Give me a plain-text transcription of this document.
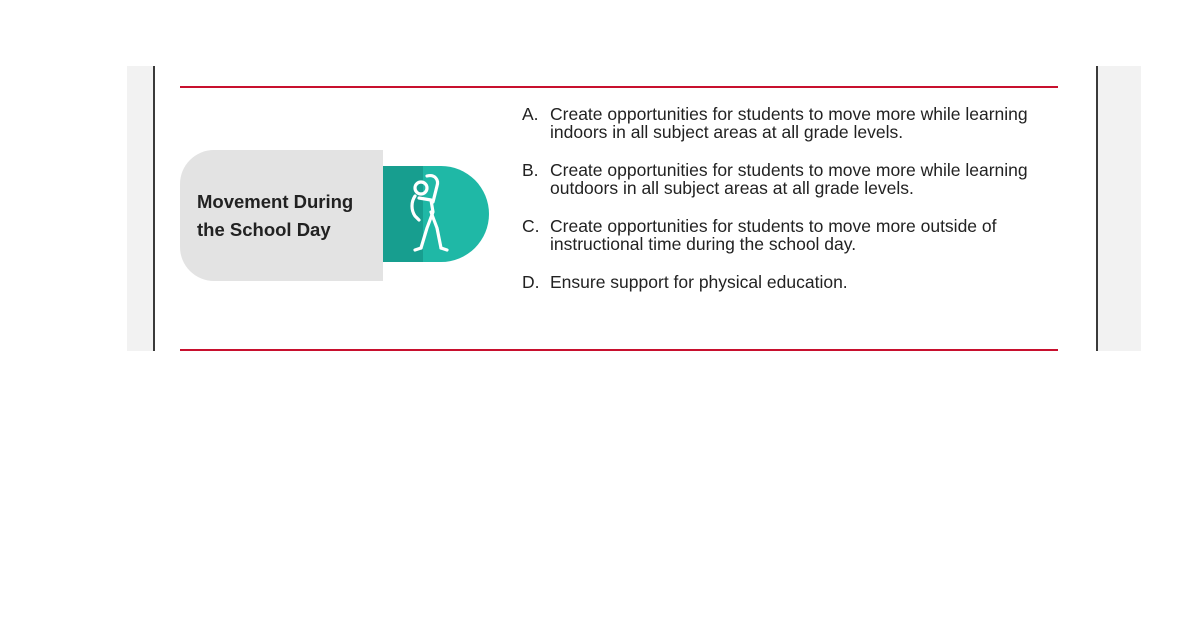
Movement During the School Day
A. Create opportunities for students to move more while learning indoors in all subject areas at all grade levels.
B. Create opportunities for students to move more while learning outdoors in all subject areas at all grade levels.
C. Create opportunities for students to move more outside of instructional time during the school day.
D. Ensure support for physical education.
